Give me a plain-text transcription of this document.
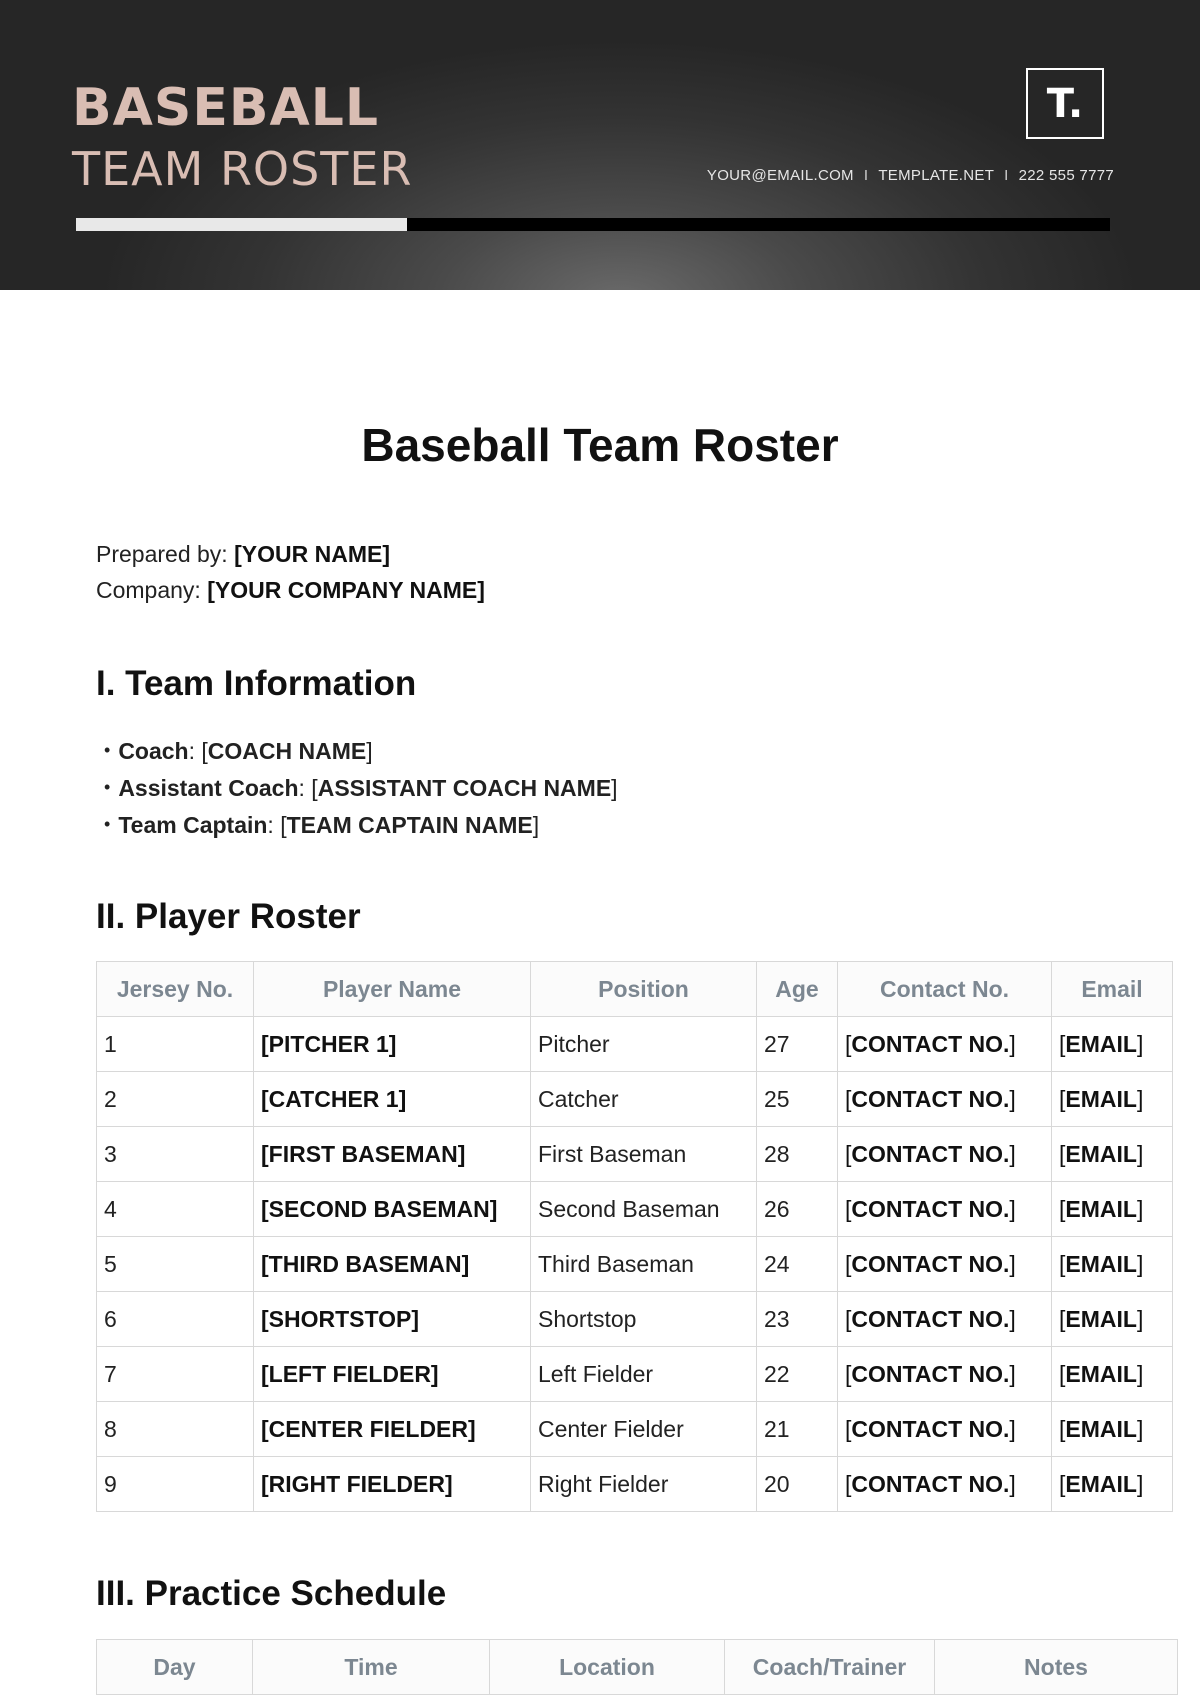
BASEBALL
TEAM ROSTER
T.
YOUR@EMAIL.COM I TEMPLATE.NET I 222 555 7777
Baseball Team Roster
Prepared by: [YOUR NAME]
Company: [YOUR COMPANY NAME]
I. Team Information
• Coach: [COACH NAME]
• Assistant Coach: [ASSISTANT COACH NAME]
• Team Captain: [TEAM CAPTAIN NAME]
II. Player Roster
Jersey No.	Player Name	Position	Age	Contact No.	Email
1	[PITCHER 1]	Pitcher	27	[CONTACT NO.]	[EMAIL]
2	[CATCHER 1]	Catcher	25	[CONTACT NO.]	[EMAIL]
3	[FIRST BASEMAN]	First Baseman	28	[CONTACT NO.]	[EMAIL]
4	[SECOND BASEMAN]	Second Baseman	26	[CONTACT NO.]	[EMAIL]
5	[THIRD BASEMAN]	Third Baseman	24	[CONTACT NO.]	[EMAIL]
6	[SHORTSTOP]	Shortstop	23	[CONTACT NO.]	[EMAIL]
7	[LEFT FIELDER]	Left Fielder	22	[CONTACT NO.]	[EMAIL]
8	[CENTER FIELDER]	Center Fielder	21	[CONTACT NO.]	[EMAIL]
9	[RIGHT FIELDER]	Right Fielder	20	[CONTACT NO.]	[EMAIL]
III. Practice Schedule
Day	Time	Location	Coach/Trainer	Notes
